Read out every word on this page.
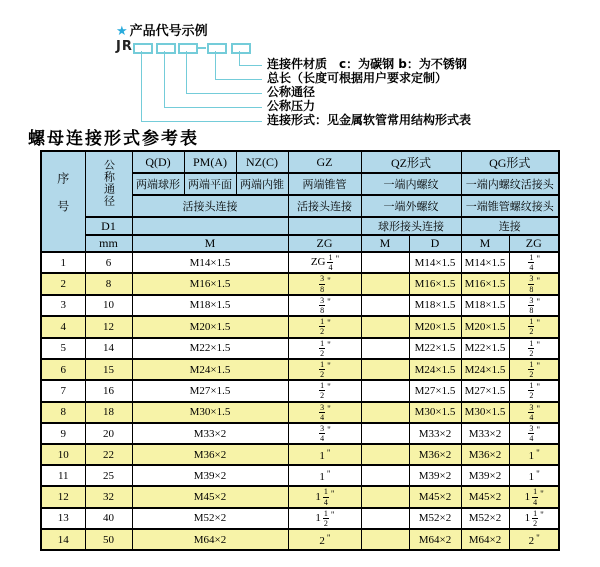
★ 产品代号示例
JR
连接件材质　c：为碳钢 b：为不锈钢
总长（长度可根据用户要求定制）
公称通径
公称压力
连接形式：见金属软管常用结构形式表
螺母连接形式参考表
序号	公称通径	Q(D)	PM(A)	NZ(C)	GZ	QZ形式		QG形式	
		两端球形	两端平面	两端内锥	两端锥管	一端内螺纹		一端内螺纹活接头	
		活接头连接			活接头连接	一端外螺纹		一端锥管螺纹接头	
	D1					球形接头连接		连接	
	mm	M			ZG	M	D	M	ZG
1	6	M14×1.5			ZG $\frac{1}{4} ^"$		M14×1.5	M14×1.5	$\frac{1}{4} ^"$
2	8	M16×1.5			$\frac{3}{8} ^"$		M16×1.5	M16×1.5	$\frac{3}{8} ^"$
3	10	M18×1.5			$\frac{3}{8} ^"$		M18×1.5	M18×1.5	$\frac{3}{8} ^"$
4	12	M20×1.5			$\frac{1}{2} ^"$		M20×1.5	M20×1.5	$\frac{1}{2} ^"$
5	14	M22×1.5			$\frac{1}{2} ^"$		M22×1.5	M22×1.5	$\frac{1}{2} ^"$
6	15	M24×1.5			$\frac{1}{2} ^"$		M24×1.5	M24×1.5	$\frac{1}{2} ^"$
7	16	M27×1.5			$\frac{1}{2} ^"$		M27×1.5	M27×1.5	$\frac{1}{2} ^"$
8	18	M30×1.5			$\frac{3}{4} ^"$		M30×1.5	M30×1.5	$\frac{3}{4} ^"$
9	20	M33×2			$\frac{3}{4} ^"$		M33×2	M33×2	$\frac{3}{4} ^"$
10	22	M36×2			1 "		M36×2	M36×2	1 "
11	25	M39×2			1 "		M39×2	M39×2	1 "
12	32	M45×2			$1 \frac{1}{4} ^"$		M45×2	M45×2	$1 \frac{1}{4} ^"$
13	40	M52×2			$1 \frac{1}{2} ^"$		M52×2	M52×2	$1 \frac{1}{2} ^"$
14	50	M64×2			2 "		M64×2	M64×2	2 "
